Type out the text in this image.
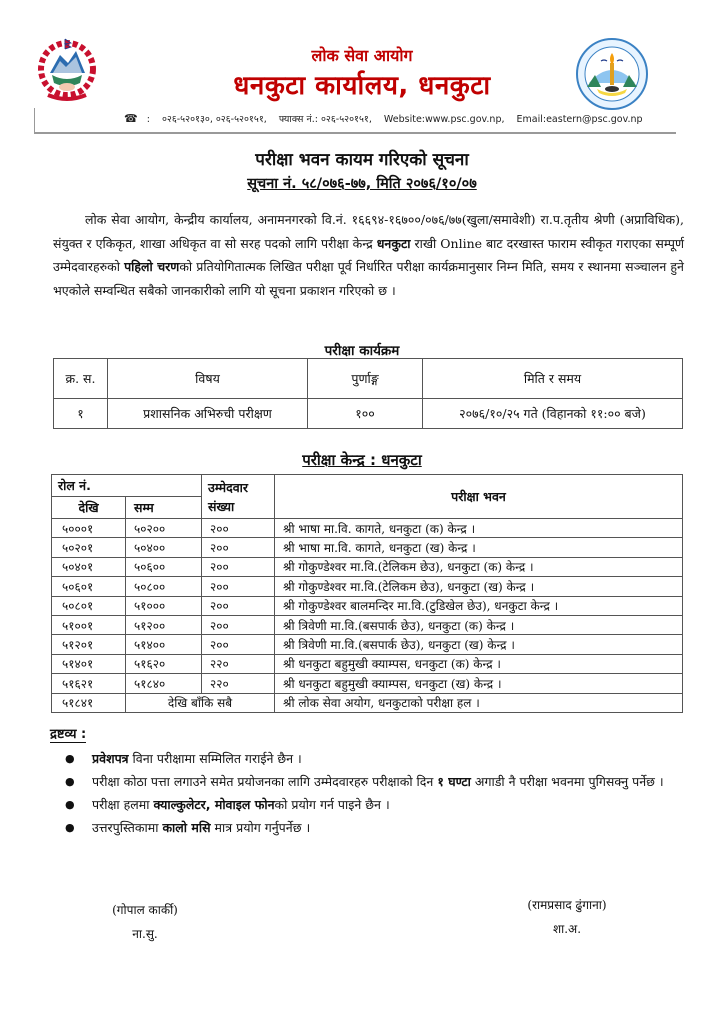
लोक सेवा आयोग
धनकुटा कार्यालय, धनकुटा
☎ : ०२६-५२०१३०, ०२६-५२०१५१, फ्याक्स नं.: ०२६-५२०१५१, Website:www.psc.gov.np, Email:eastern@psc.gov.np
परीक्षा भवन कायम गरिएको सूचना
सूचना नं. ५८/०७६-७७, मिति २०७६/१०/०७

लोक सेवा आयोग, केन्द्रीय कार्यालय, अनामनगरको वि.नं. १६६९४-१६७००/०७६/७७(खुला/समावेशी) रा.प.तृतीय श्रेणी (अप्राविधिक), संयुक्त र एकिकृत, शाखा अधिकृत वा सो सरह पदको लागि परीक्षा केन्द्र धनकुटा राखी Online बाट दरखास्त फाराम स्वीकृत गराएका सम्पूर्ण उम्मेदवारहरुको पहिलो चरणको प्रतियोगितात्मक लिखित परीक्षा पूर्व निर्धारित परीक्षा कार्यक्रमानुसार निम्न मिति, समय र स्थानमा सञ्चालन हुने भएकोले सम्वन्धित सबैको जानकारीको लागि यो सूचना प्रकाशन गरिएको छ ।

परीक्षा कार्यक्रम
क्र. स.	विषय	पुर्णाङ्ग	मिति र समय
१	प्रशासनिक अभिरुची परीक्षण	१००	२०७६/१०/२५ गते (विहानको ११:०० बजे)
परीक्षा केन्द्र : धनकुटा
रोल नं.		उम्मेदवार संख्या	परीक्षा भवन
देखि	सम्म		
५०००१	५०२००	२००	श्री भाषा मा.वि. कागते, धनकुटा (क) केन्द्र ।
५०२०१	५०४००	२००	श्री भाषा मा.वि. कागते, धनकुटा (ख) केन्द्र ।
५०४०१	५०६००	२००	श्री गोकुण्डेश्वर मा.वि.(टेलिकम छेउ), धनकुटा (क) केन्द्र ।
५०६०१	५०८००	२००	श्री गोकुण्डेश्वर मा.वि.(टेलिकम छेउ), धनकुटा (ख) केन्द्र ।
५०८०१	५१०००	२००	श्री गोकुण्डेश्वर बालमन्दिर मा.वि.(टुडिखेल छेउ), धनकुटा केन्द्र ।
५१००१	५१२००	२००	श्री त्रिवेणी मा.वि.(बसपार्क छेउ), धनकुटा (क) केन्द्र ।
५१२०१	५१४००	२००	श्री त्रिवेणी मा.वि.(बसपार्क छेउ), धनकुटा (ख) केन्द्र ।
५१४०१	५१६२०	२२०	श्री धनकुटा बहुमुखी क्याम्पस, धनकुटा (क) केन्द्र ।
५१६२१	५१८४०	२२०	श्री धनकुटा बहुमुखी क्याम्पस, धनकुटा (ख) केन्द्र ।
५१८४१	देखि बाँकि सबै		श्री लोक सेवा अयोग, धनकुटाको परीक्षा हल ।
द्रष्टव्य :
● प्रवेशपत्र विना परीक्षामा सम्मिलित गराईने छैन ।
● परीक्षा कोठा पत्ता लगाउने समेत प्रयोजनका लागि उम्मेदवारहरु परीक्षाको दिन १ घण्टा अगाडी नै परीक्षा भवनमा पुगिसक्नु पर्नेछ ।
● परीक्षा हलमा क्याल्कुलेटर, मोवाइल फोनको प्रयोग गर्न पाइने छैन ।
● उत्तरपुस्तिकामा कालो मसि मात्र प्रयोग गर्नुपर्नेछ ।
(गोपाल कार्की)
ना.सु.
(रामप्रसाद ढुंगाना)
शा.अ.
